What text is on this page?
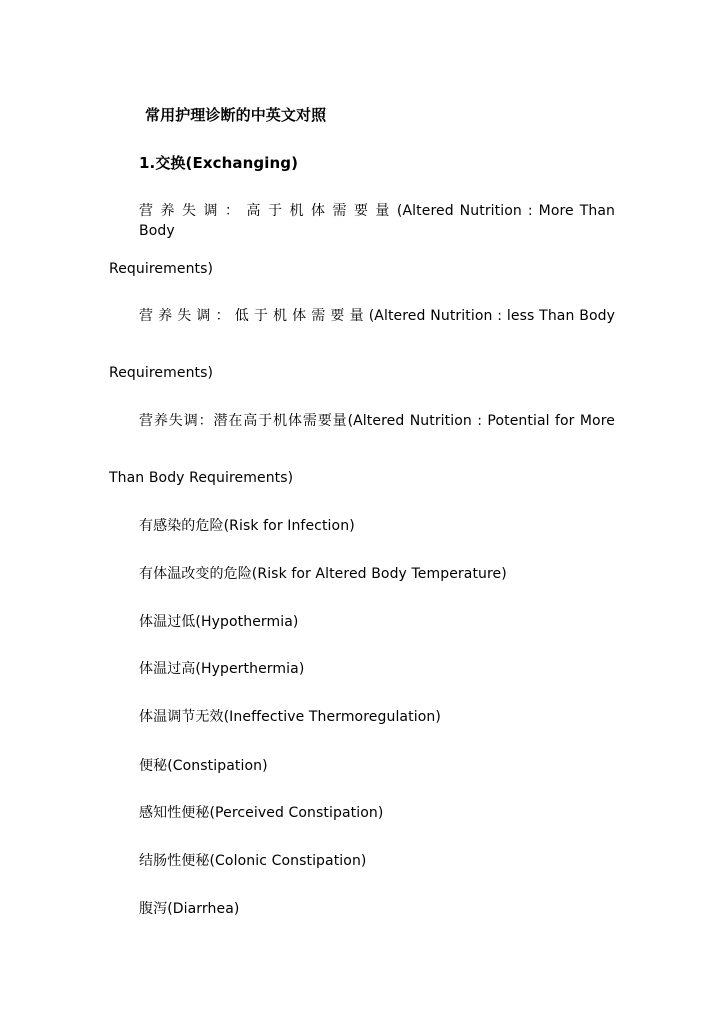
常用护理诊断的中英文对照

1.交换(Exchanging)

营 养 失 调 ： 高 于 机 体 需 要 量 (Altered Nutrition : More Than Body

Requirements)

营 养 失 调 ： 低 于 机 体 需 要 量 (Altered Nutrition : less Than Body

Requirements)

营养失调：潜在高于机体需要量(Altered Nutrition : Potential for More

Than Body Requirements)

有感染的危险(Risk for Infection)

有体温改变的危险(Risk for Altered Body Temperature)

体温过低(Hypothermia)

体温过高(Hyperthermia)

体温调节无效(Ineffective Thermoregulation)

便秘(Constipation)

感知性便秘(Perceived Constipation)

结肠性便秘(Colonic Constipation)

腹泻(Diarrhea)
